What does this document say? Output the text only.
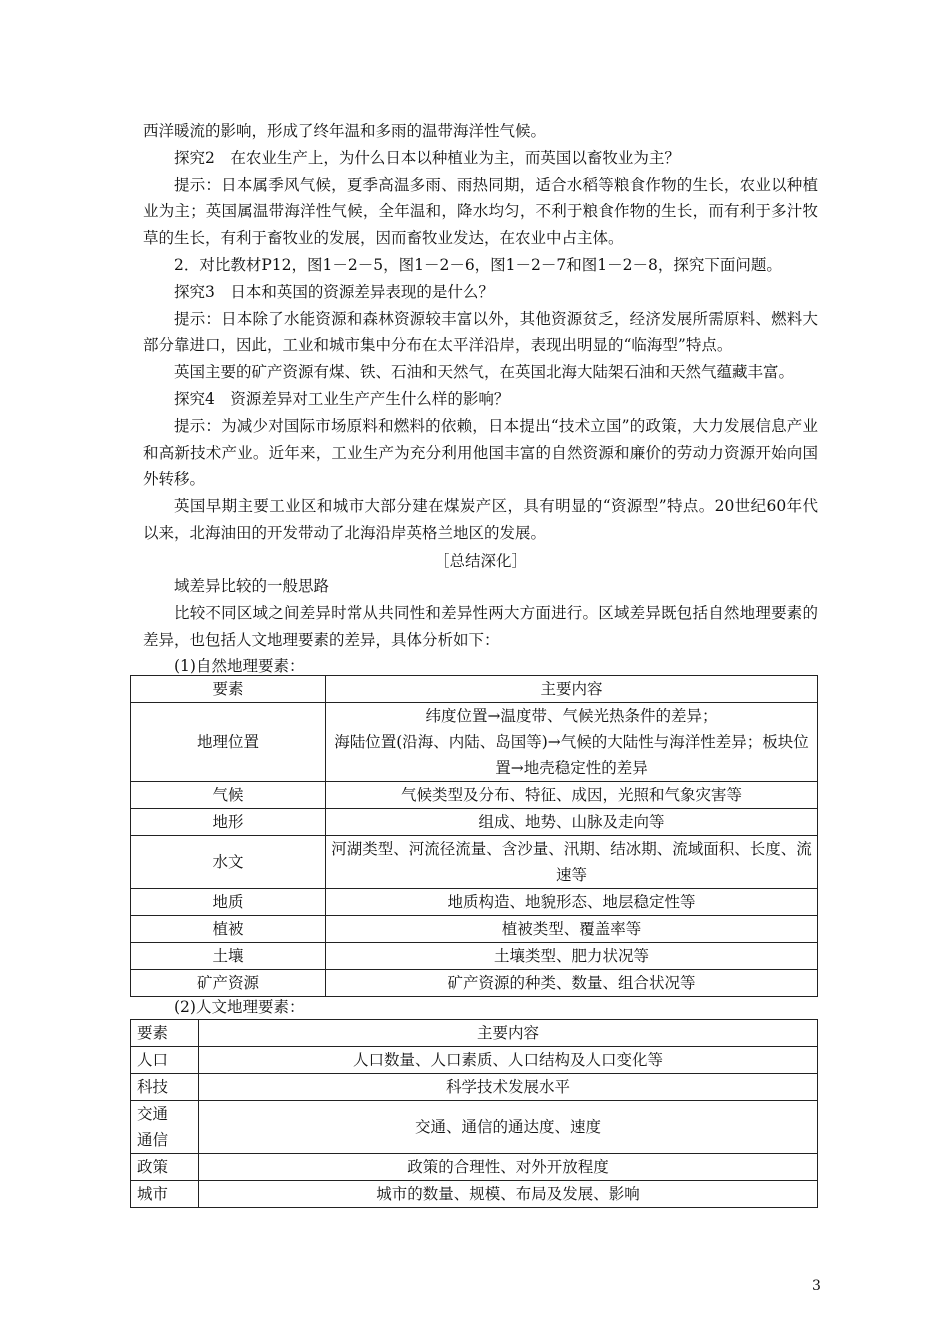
西洋暖流的影响，形成了终年温和多雨的温带海洋性气候。

探究2　在农业生产上，为什么日本以种植业为主，而英国以畜牧业为主？

提示：日本属季风气候，夏季高温多雨、雨热同期，适合水稻等粮食作物的生长，农业以种植业为主；英国属温带海洋性气候，全年温和，降水均匀，不利于粮食作物的生长，而有利于多汁牧草的生长，有利于畜牧业的发展，因而畜牧业发达，在农业中占主体。

2．对比教材P12，图1－2－5，图1－2－6，图1－2－7和图1－2－8，探究下面问题。

探究3　日本和英国的资源差异表现的是什么？

提示：日本除了水能资源和森林资源较丰富以外，其他资源贫乏，经济发展所需原料、燃料大部分靠进口，因此，工业和城市集中分布在太平洋沿岸，表现出明显的“临海型”特点。

英国主要的矿产资源有煤、铁、石油和天然气，在英国北海大陆架石油和天然气蕴藏丰富。

探究4　资源差异对工业生产产生什么样的影响？

提示：为减少对国际市场原料和燃料的依赖，日本提出“技术立国”的政策，大力发展信息产业和高新技术产业。近年来，工业生产为充分利用他国丰富的自然资源和廉价的劳动力资源开始向国外转移。

英国早期主要工业区和城市大部分建在煤炭产区，具有明显的“资源型”特点。20世纪60年代以来，北海油田的开发带动了北海沿岸英格兰地区的发展。

［总结深化］

域差异比较的一般思路

比较不同区域之间差异时常从共同性和差异性两大方面进行。区域差异既包括自然地理要素的差异，也包括人文地理要素的差异，具体分析如下：

(1)自然地理要素：

要素	主要内容
地理位置	纬度位置→温度带、气候光热条件的差异；
海陆位置(沿海、内陆、岛国等)→气候的大陆性与海洋性差异；板块位置→地壳稳定性的差异
气候	气候类型及分布、特征、成因，光照和气象灾害等
地形	组成、地势、山脉及走向等
水文	河湖类型、河流径流量、含沙量、汛期、结冰期、流域面积、长度、流速等
地质	地质构造、地貌形态、地层稳定性等
植被	植被类型、覆盖率等
土壤	土壤类型、肥力状况等
矿产资源	矿产资源的种类、数量、组合状况等

(2)人文地理要素：

要素	主要内容
人口	人口数量、人口素质、人口结构及人口变化等
科技	科学技术发展水平
交通
通信	交通、通信的通达度、速度
政策	政策的合理性、对外开放程度
城市	城市的数量、规模、布局及发展、影响
3
